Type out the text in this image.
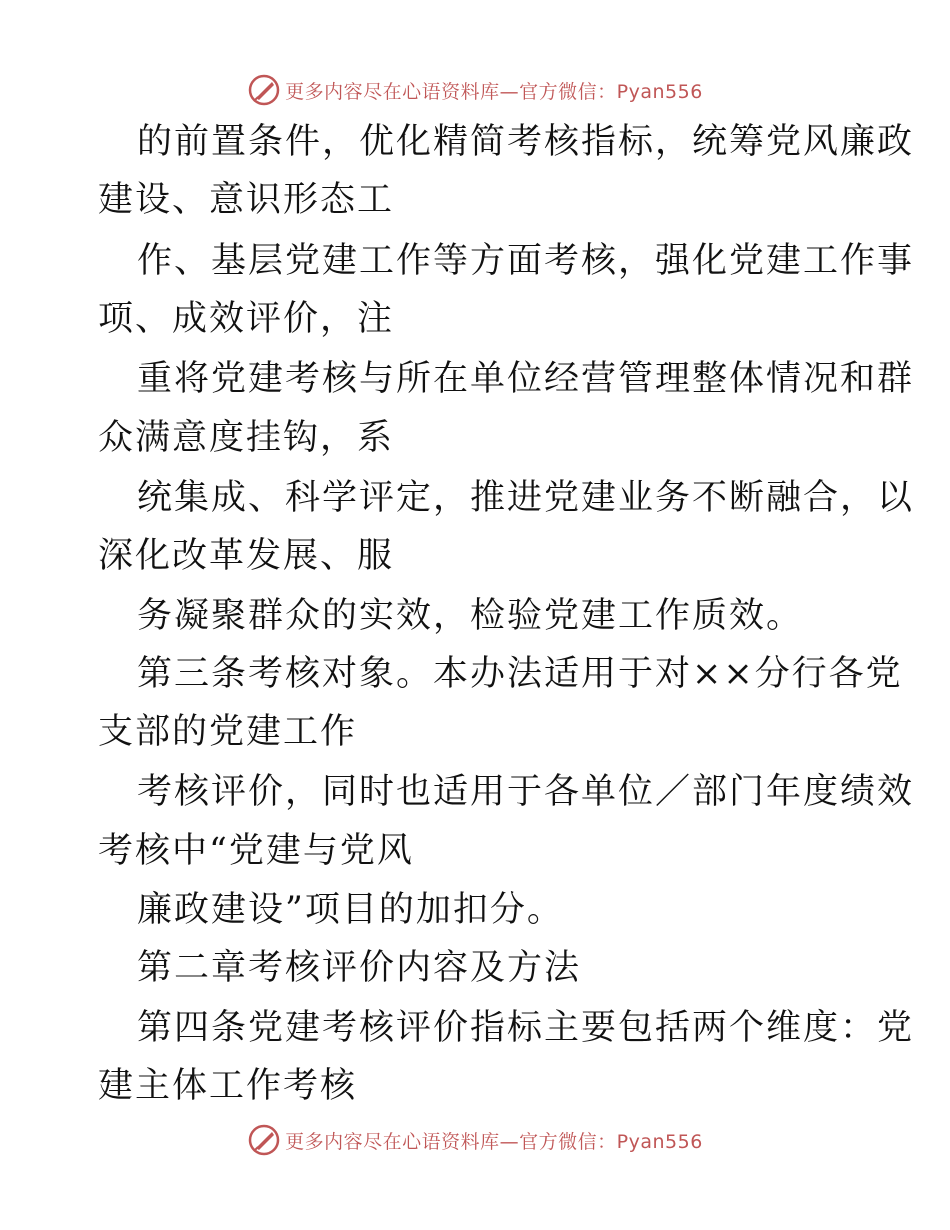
更多内容尽在心语资料库—官方微信：Pyan556
的前置条件，优化精简考核指标，统筹党风廉政
建设、意识形态工
作、基层党建工作等方面考核，强化党建工作事
项、成效评价，注
重将党建考核与所在单位经营管理整体情况和群
众满意度挂钩，系
统集成、科学评定，推进党建业务不断融合，以
深化改革发展、服
务凝聚群众的实效，检验党建工作质效。
第三条考核对象。本办法适用于对××分行各党
支部的党建工作
考核评价，同时也适用于各单位／部门年度绩效
考核中“党建与党风
廉政建设”项目的加扣分。
第二章考核评价内容及方法
第四条党建考核评价指标主要包括两个维度：党
建主体工作考核
更多内容尽在心语资料库—官方微信：Pyan556
